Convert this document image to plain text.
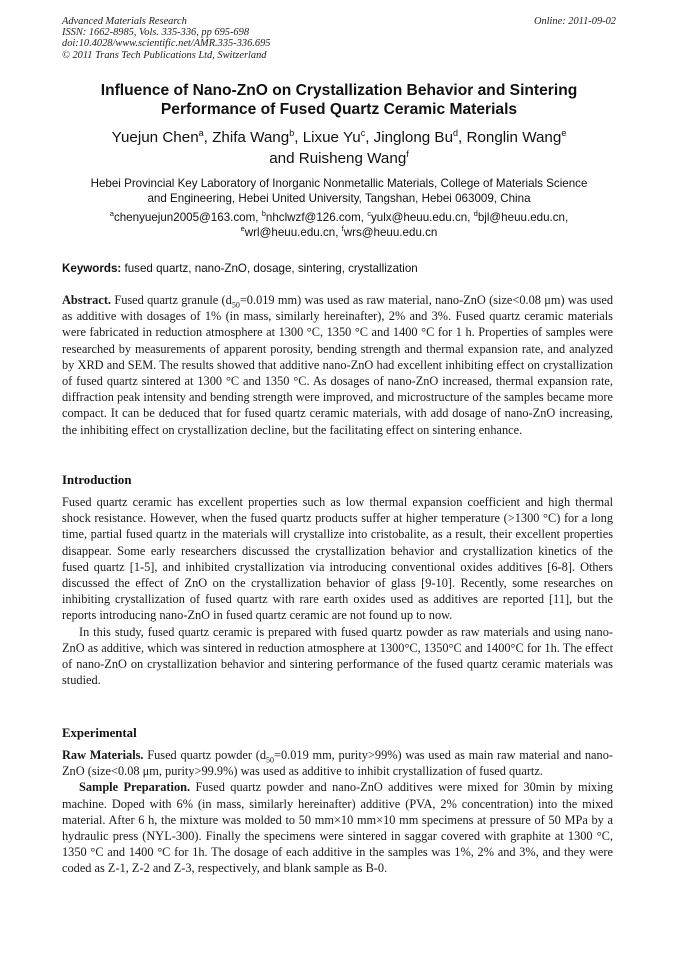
Advanced Materials Research
ISSN: 1662-8985, Vols. 335-336, pp 695-698
doi:10.4028/www.scientific.net/AMR.335-336.695
© 2011 Trans Tech Publications Ltd, Switzerland
Online: 2011-09-02
Influence of Nano-ZnO on Crystallization Behavior and Sintering
Performance of Fused Quartz Ceramic Materials
Yuejun Chen$^a$, Zhifa Wang$^b$, Lixue Yu$^c$, Jinglong Bu$^d$, Ronglin Wang$^e$
and Ruisheng Wang$^f$
Hebei Provincial Key Laboratory of Inorganic Nonmetallic Materials, College of Materials Science
and Engineering, Hebei United University, Tangshan, Hebei 063009, China
$^a$chenyuejun2005@163.com, $^b$nhclwzf@126.com, $^c$yulx@heuu.edu.cn, $^d$bjl@heuu.edu.cn,
$^e$wrl@heuu.edu.cn, $^f$wrs@heuu.edu.cn
Keywords: fused quartz, nano-ZnO, dosage, sintering, crystallization

Abstract. Fused quartz granule ($d_{50}=0.019$ mm) was used as raw material, nano-ZnO (size<0.08 μm) was used as additive with dosages of 1% (in mass, similarly hereinafter), 2% and 3%. Fused quartz ceramic materials were fabricated in reduction atmosphere at 1300 °C, 1350 °C and 1400 °C for 1 h. Properties of samples were researched by measurements of apparent porosity, bending strength and thermal expansion rate, and analyzed by XRD and SEM. The results showed that additive nano-ZnO had excellent inhibiting effect on crystallization of fused quartz sintered at 1300 °C and 1350 °C. As dosages of nano-ZnO increased, thermal expansion rate, diffraction peak intensity and bending strength were improved, and microstructure of the samples became more compact. It can be deduced that for fused quartz ceramic materials, with add dosage of nano-ZnO increasing, the inhibiting effect on crystallization decline, but the facilitating effect on sintering enhance.

Introduction

Fused quartz ceramic has excellent properties such as low thermal expansion coefficient and high thermal shock resistance. However, when the fused quartz products suffer at higher temperature (>1300 °C) for a long time, partial fused quartz in the materials will crystallize into cristobalite, as a result, their excellent properties disappear. Some early researchers discussed the crystallization behavior and crystallization kinetics of the fused quartz [1-5], and inhibited crystallization via introducing conventional oxides additives [6-8]. Others discussed the effect of ZnO on the crystallization behavior of glass [9-10]. Recently, some researches on inhibiting crystallization of fused quartz with rare earth oxides used as additives are reported [11], but the reports introducing nano-ZnO in fused quartz ceramic are not found up to now.

In this study, fused quartz ceramic is prepared with fused quartz powder as raw materials and using nano-ZnO as additive, which was sintered in reduction atmosphere at 1300°C, 1350°C and 1400°C for 1h. The effect of nano-ZnO on crystallization behavior and sintering performance of the fused quartz ceramic materials was studied.

Experimental

Raw Materials. Fused quartz powder ($d_{50}=0.019$ mm, purity>99%) was used as main raw material and nano-ZnO (size<0.08 μm, purity>99.9%) was used as additive to inhibit crystallization of fused quartz.

Sample Preparation. Fused quartz powder and nano-ZnO additives were mixed for 30min by mixing machine. Doped with 6% (in mass, similarly hereinafter) additive (PVA, 2% concentration) into the mixed material. After 6 h, the mixture was molded to 50 mm×10 mm×10 mm specimens at pressure of 50 MPa by a hydraulic press (NYL-300). Finally the specimens were sintered in saggar covered with graphite at 1300 °C, 1350 °C and 1400 °C for 1h. The dosage of each additive in the samples was 1%, 2% and 3%, and they were coded as Z-1, Z-2 and Z-3, respectively, and blank sample as B-0.
